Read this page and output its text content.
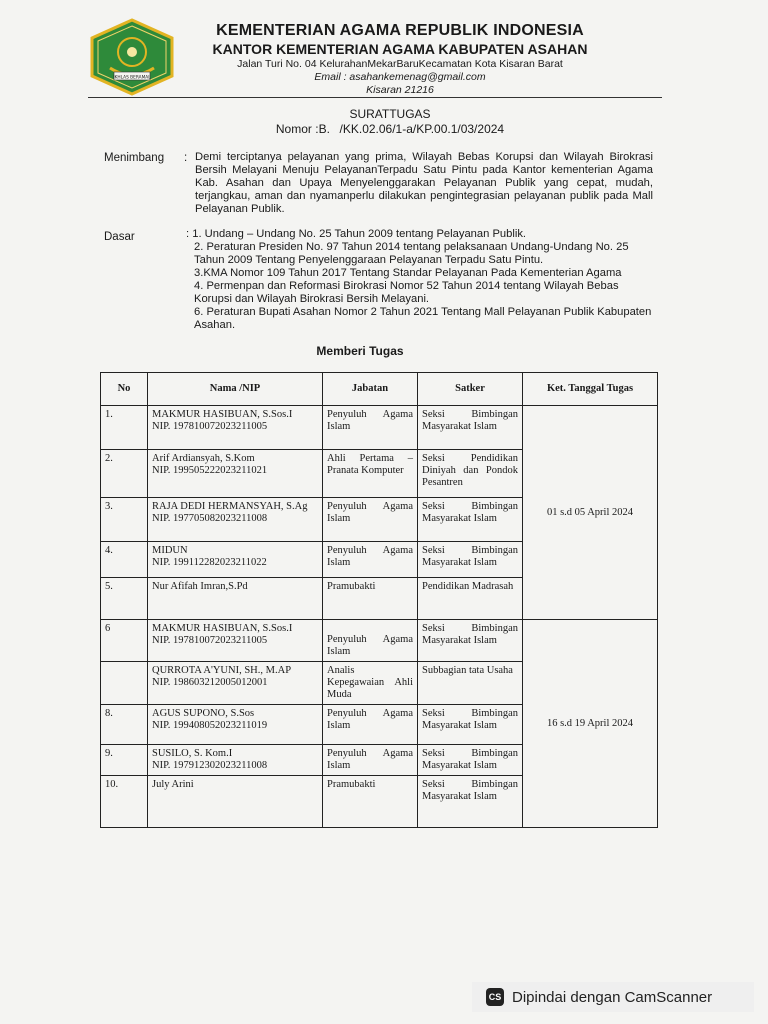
IKHLAS BERAMAL
KEMENTERIAN AGAMA REPUBLIK INDONESIA
KANTOR KEMENTERIAN AGAMA KABUPATEN ASAHAN
Jalan Turi No. 04 KelurahanMekarBaruKecamatan Kota Kisaran Barat
Email : asahankemenag@gmail.com
Kisaran 21216
SURATTUGAS
Nomor :B.    /KK.02.06/1-a/KP.00.1/03/2024
Menimbang : Demi terciptanya pelayanan yang prima, Wilayah Bebas Korupsi dan Wilayah Birokrasi Bersih Melayani Menuju PelayananTerpadu Satu Pintu pada Kantor kementerian Agama Kab. Asahan dan Upaya Menyelenggarakan Pelayanan Publik yang cepat, mudah, terjangkau, aman dan nyamanperlu dilakukan pengintegrasian pelayanan publik pada Mall Pelayanan Publik.
Dasar	: 1. Undang – Undang No. 25 Tahun 2009 tentang Pelayanan Publik.
2. Peraturan Presiden No. 97 Tahun 2014 tentang pelaksanaan Undang-Undang No. 25 Tahun 2009 Tentang Penyelenggaraan Pelayanan Terpadu Satu Pintu.
3.KMA Nomor 109 Tahun 2017 Tentang Standar Pelayanan Pada Kementerian Agama
4. Permenpan dan Reformasi Birokrasi Nomor 52 Tahun 2014 tentang Wilayah Bebas Korupsi dan Wilayah Birokrasi Bersih Melayani.
6. Peraturan Bupati Asahan Nomor 2 Tahun 2021 Tentang Mall Pelayanan Publik Kabupaten Asahan.
Memberi Tugas
No	Nama /NIP	Jabatan	Satker	Ket. Tanggal Tugas
1.	MAKMUR HASIBUAN, S.Sos.I
NIP. 197810072023211005	Penyuluh Agama Islam	Seksi Bimbingan Masyarakat Islam	01 s.d 05 April 2024
2.	Arif Ardiansyah, S.Kom
NIP. 199505222023211021	Ahli Pertama – Pranata Komputer	Seksi Pendidikan Diniyah dan Pondok Pesantren	
3.	RAJA DEDI HERMANSYAH, S.Ag
NIP. 197705082023211008	Penyuluh Agama Islam	Seksi Bimbingan Masyarakat Islam	
4.	MIDUN
NIP. 199112282023211022	Penyuluh Agama Islam	Seksi Bimbingan Masyarakat Islam	
5.	Nur Afifah Imran,S.Pd	Pramubakti	Pendidikan Madrasah	
6	MAKMUR HASIBUAN, S.Sos.I
NIP. 197810072023211005	Penyuluh Agama Islam	Seksi Bimbingan Masyarakat Islam	16 s.d 19 April 2024

	QURROTA A'YUNI, SH., M.AP
NIP. 198603212005012001	Analis Kepegawaian Ahli Muda	Subbagian tata Usaha	
8.	AGUS SUPONO, S.Sos
NIP. 199408052023211019	Penyuluh Agama Islam	Seksi Bimbingan Masyarakat Islam	
9.	SUSILO, S. Kom.I
NIP. 197912302023211008	Penyuluh Agama Islam	Seksi Bimbingan Masyarakat Islam	
10.	July Arini	Pramubakti	Seksi Bimbingan Masyarakat Islam	
CS Dipindai dengan CamScanner
